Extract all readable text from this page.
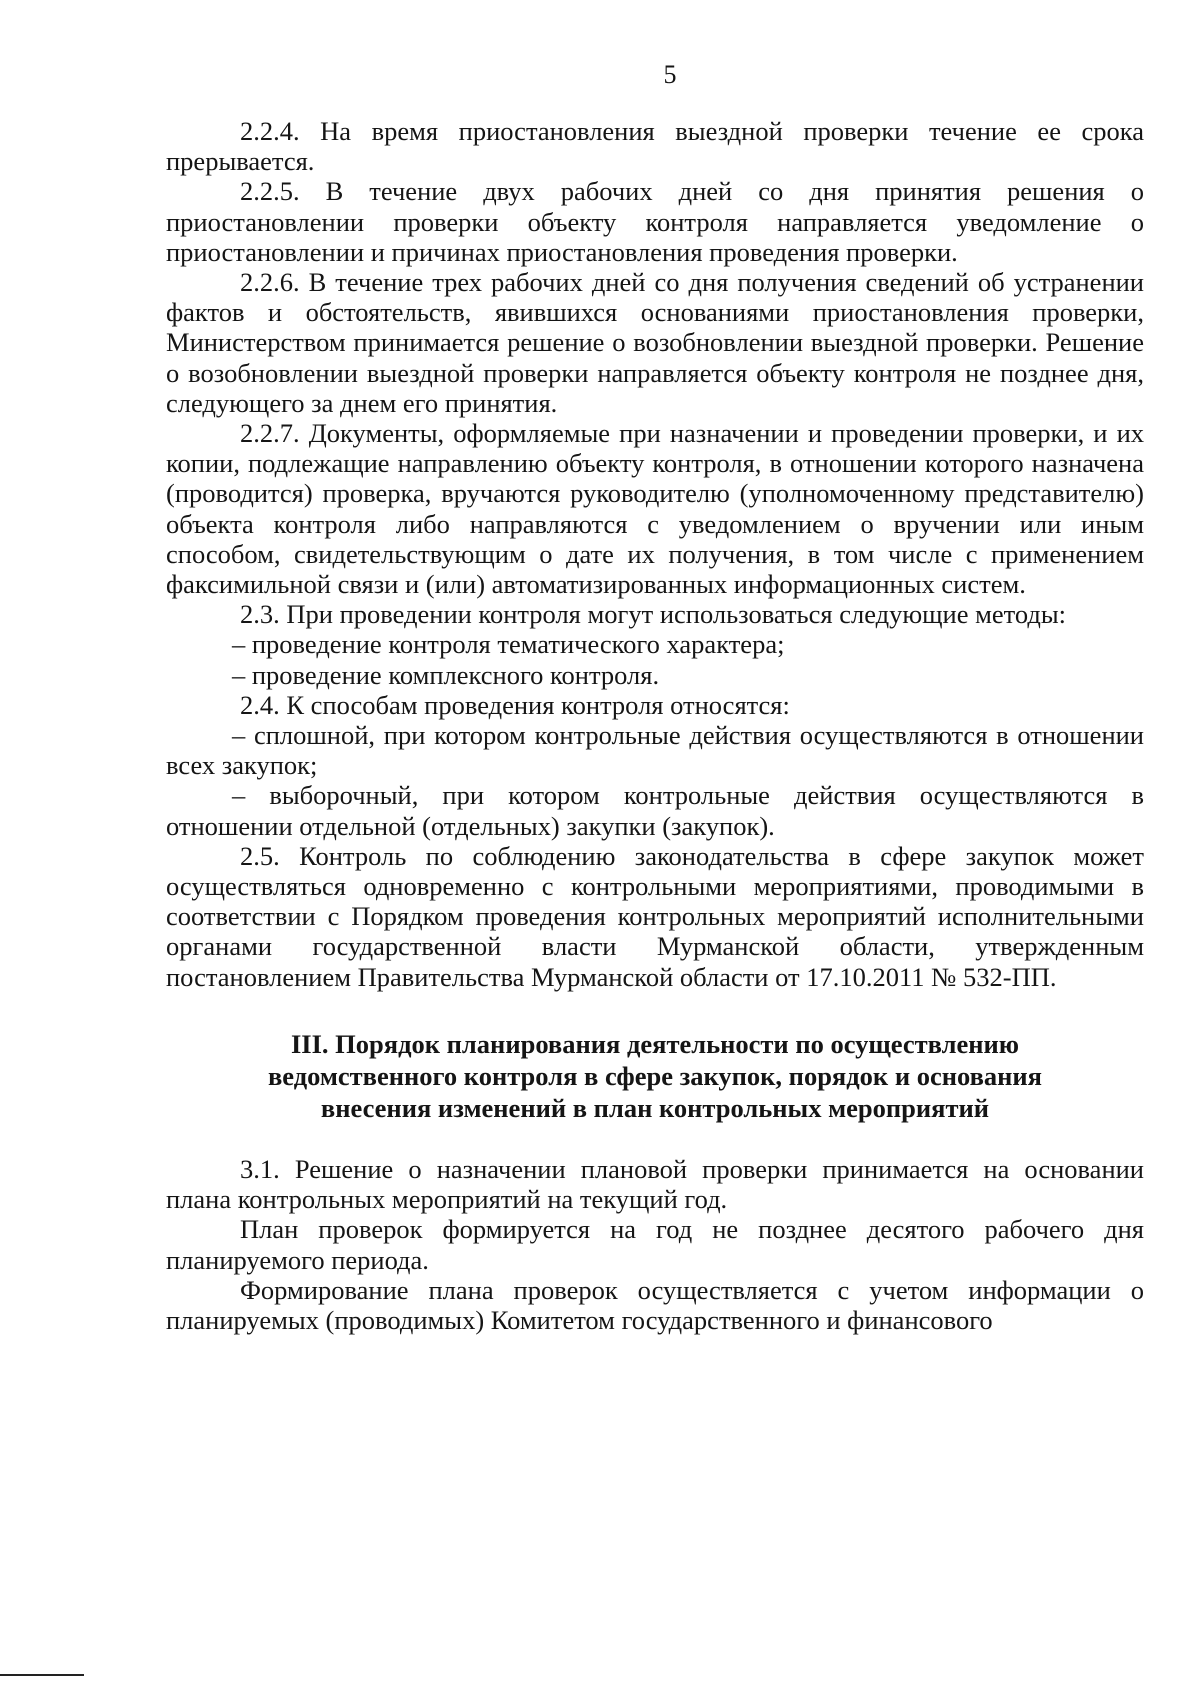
5

2.2.4. На время приостановления выездной проверки течение ее срока прерывается.

2.2.5. В течение двух рабочих дней со дня принятия решения о приостановлении проверки объекту контроля направляется уведомление о приостановлении и причинах приостановления проведения проверки.

2.2.6. В течение трех рабочих дней со дня получения сведений об устранении фактов и обстоятельств, явившихся основаниями приостановления проверки, Министерством принимается решение о возобновлении выездной проверки. Решение о возобновлении выездной проверки направляется объекту контроля не позднее дня, следующего за днем его принятия.

2.2.7. Документы, оформляемые при назначении и проведении проверки, и их копии, подлежащие направлению объекту контроля, в отношении которого назначена (проводится) проверка, вручаются руководителю (уполномоченному представителю) объекта контроля либо направляются с уведомлением о вручении или иным способом, свидетельствующим о дате их получения, в том числе с применением факсимильной связи и (или) автоматизированных информационных систем.

2.3. При проведении контроля могут использоваться следующие методы:

– проведение контроля тематического характера;

– проведение комплексного контроля.

2.4. К способам проведения контроля относятся:

– сплошной, при котором контрольные действия осуществляются в отношении всех закупок;

– выборочный, при котором контрольные действия осуществляются в отношении отдельной (отдельных) закупки (закупок).

2.5. Контроль по соблюдению законодательства в сфере закупок может осуществляться одновременно с контрольными мероприятиями, проводимыми в соответствии с Порядком проведения контрольных мероприятий исполнительными органами государственной власти Мурманской области, утвержденным постановлением Правительства Мурманской области от 17.10.2011 № 532-ПП.

III. Порядок планирования деятельности по осуществлению
ведомственного контроля в сфере закупок, порядок и основания
внесения изменений в план контрольных мероприятий

3.1. Решение о назначении плановой проверки принимается на основании плана контрольных мероприятий на текущий год.

План проверок формируется на год не позднее десятого рабочего дня планируемого периода.

Формирование плана проверок осуществляется с учетом информации о планируемых (проводимых) Комитетом государственного и финансового
